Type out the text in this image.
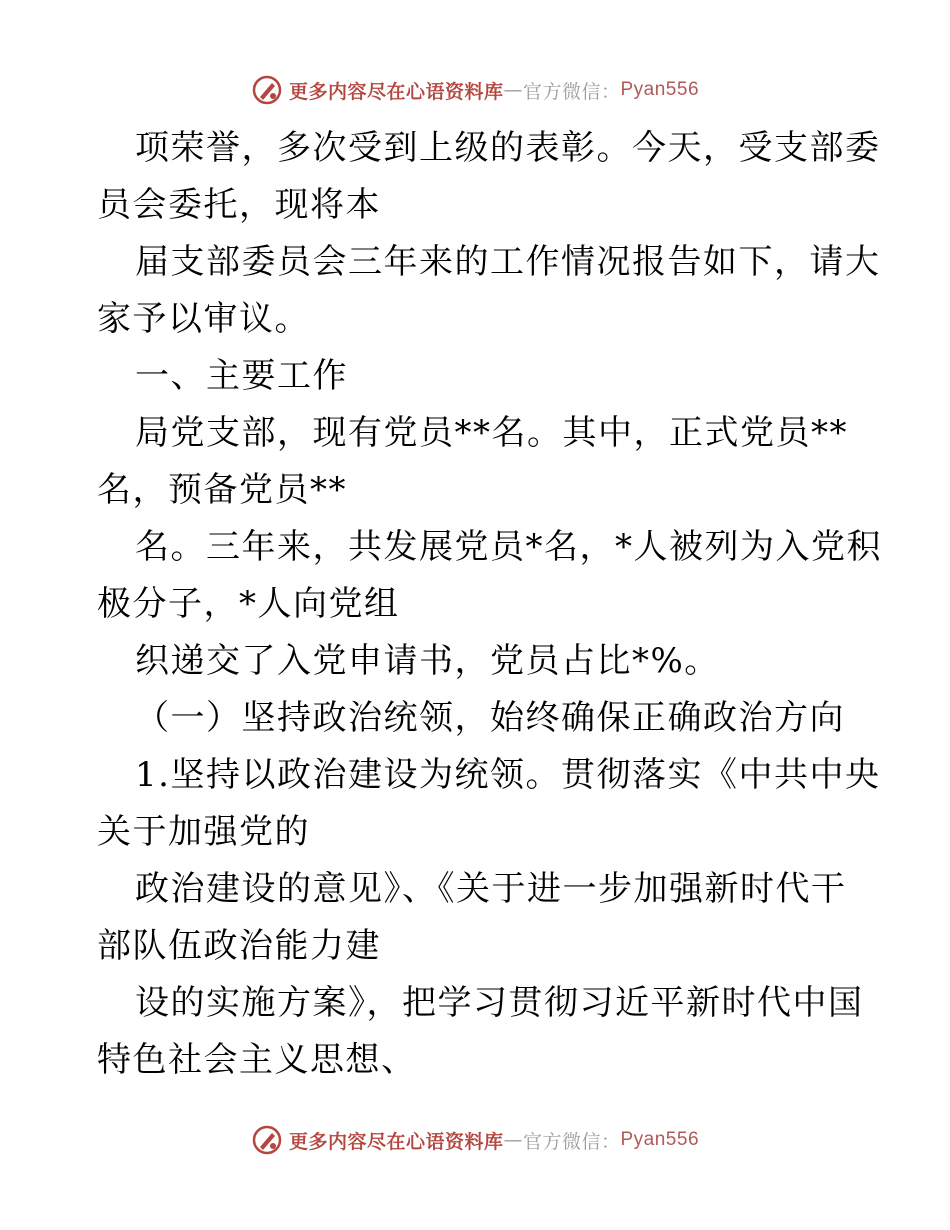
更多内容尽在心语资料库 — 官方微信： Pyan556

项荣誉，多次受到上级的表彰。今天，受支部委

员会委托，现将本

届支部委员会三年来的工作情况报告如下，请大

家予以审议。

一、主要工作

局党支部，现有党员**名。其中，正式党员**

名，预备党员**

名。三年来，共发展党员*名，*人被列为入党积

极分子，*人向党组

织递交了入党申请书，党员占比*%。

（一）坚持政治统领，始终确保正确政治方向

1.坚持以政治建设为统领。贯彻落实《中共中央

关于加强党的

政治建设的意见》、《关于进一步加强新时代干

部队伍政治能力建

设的实施方案》，把学习贯彻习近平新时代中国

特色社会主义思想、

更多内容尽在心语资料库 — 官方微信： Pyan556
